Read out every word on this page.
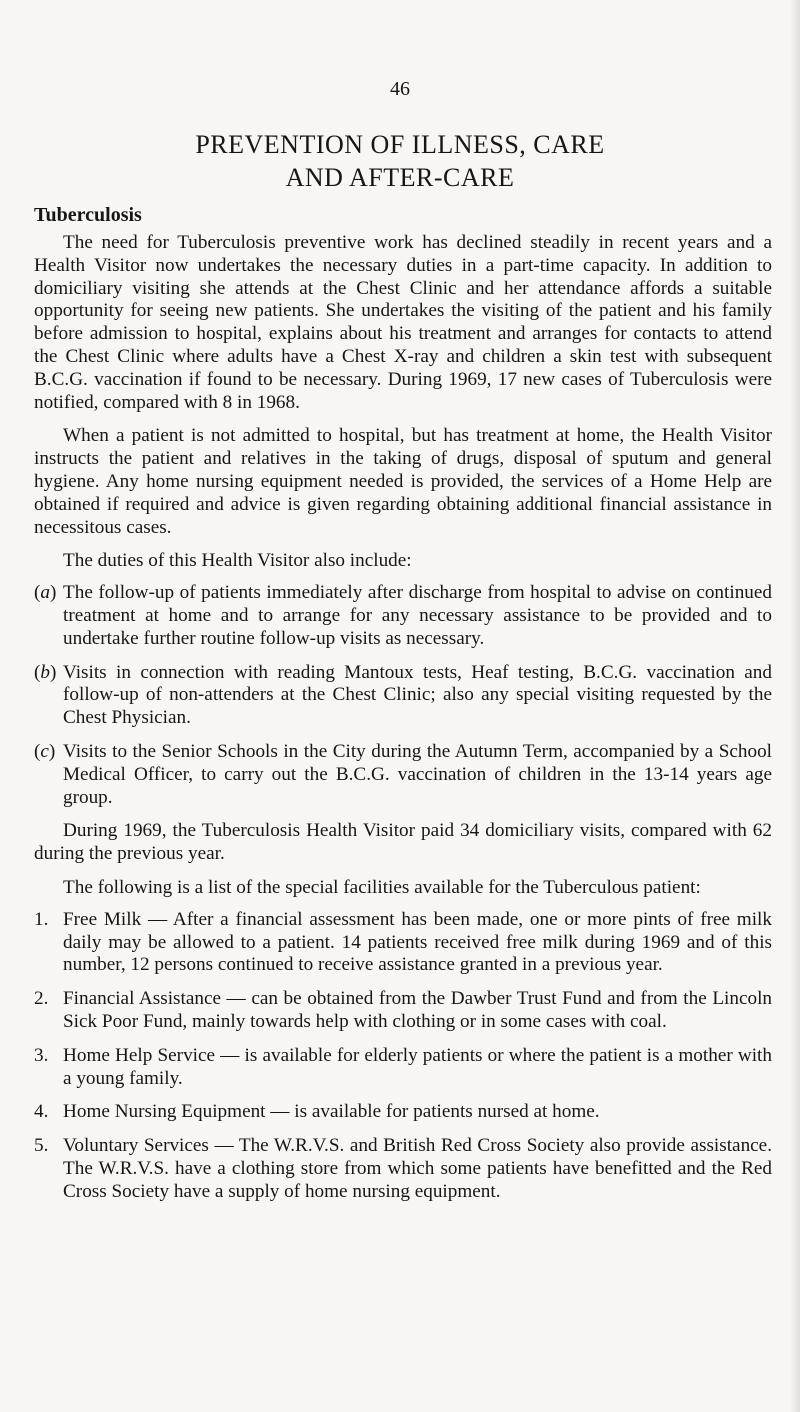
46
PREVENTION OF ILLNESS, CARE
AND AFTER-CARE
Tuberculosis

The need for Tuberculosis preventive work has declined steadily in recent years and a Health Visitor now undertakes the necessary duties in a part-time capacity. In addition to domiciliary visiting she attends at the Chest Clinic and her attendance affords a suitable opportunity for seeing new patients. She undertakes the visiting of the patient and his family before admission to hospital, explains about his treatment and arranges for contacts to attend the Chest Clinic where adults have a Chest X-ray and children a skin test with subsequent B.C.G. vaccination if found to be necessary. During 1969, 17 new cases of Tuberculosis were notified, compared with 8 in 1968.

When a patient is not admitted to hospital, but has treatment at home, the Health Visitor instructs the patient and relatives in the taking of drugs, disposal of sputum and general hygiene. Any home nursing equipment needed is provided, the services of a Home Help are obtained if required and advice is given regarding obtaining additional financial assistance in necessitous cases.

The duties of this Health Visitor also include:

(a) The follow-up of patients immediately after discharge from hospital to advise on continued treatment at home and to arrange for any necessary assistance to be provided and to undertake further routine follow-up visits as necessary.
(b) Visits in connection with reading Mantoux tests, Heaf testing, B.C.G. vaccination and follow-up of non-attenders at the Chest Clinic; also any special visiting requested by the Chest Physician.
(c) Visits to the Senior Schools in the City during the Autumn Term, accompanied by a School Medical Officer, to carry out the B.C.G. vaccination of children in the 13-14 years age group.

During 1969, the Tuberculosis Health Visitor paid 34 domiciliary visits, compared with 62 during the previous year.

The following is a list of the special facilities available for the Tuberculous patient:

1. Free Milk — After a financial assessment has been made, one or more pints of free milk daily may be allowed to a patient. 14 patients received free milk during 1969 and of this number, 12 persons continued to receive assistance granted in a previous year.
2. Financial Assistance — can be obtained from the Dawber Trust Fund and from the Lincoln Sick Poor Fund, mainly towards help with clothing or in some cases with coal.
3. Home Help Service — is available for elderly patients or where the patient is a mother with a young family.
4. Home Nursing Equipment — is available for patients nursed at home.
5. Voluntary Services — The W.R.V.S. and British Red Cross Society also provide assistance. The W.R.V.S. have a clothing store from which some patients have benefitted and the Red Cross Society have a supply of home nursing equipment.
